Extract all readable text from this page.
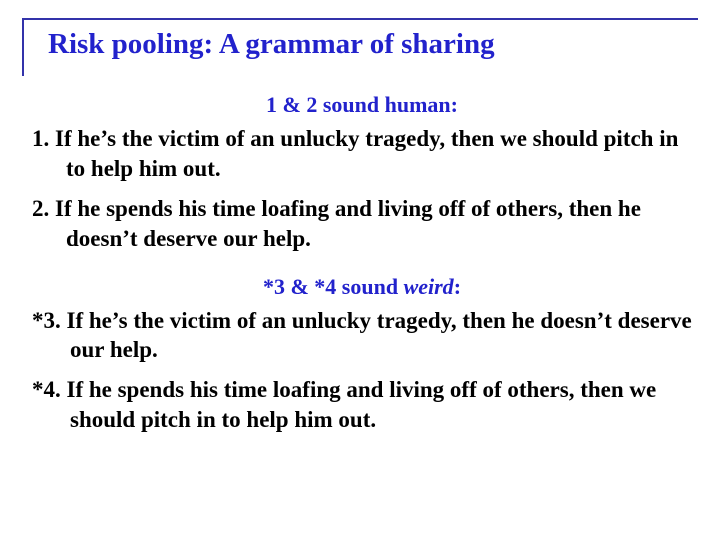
Risk pooling: A grammar of sharing

1 & 2 sound human:

1. If he’s the victim of an unlucky tragedy, then we should pitch in to help him out.

2. If he spends his time loafing and living off of others, then he doesn’t deserve our help.

*3 & *4 sound weird:

*3. If he’s the victim of an unlucky tragedy, then he doesn’t deserve our help.

*4. If he spends his time loafing and living off of others, then we should pitch in to help him out.
